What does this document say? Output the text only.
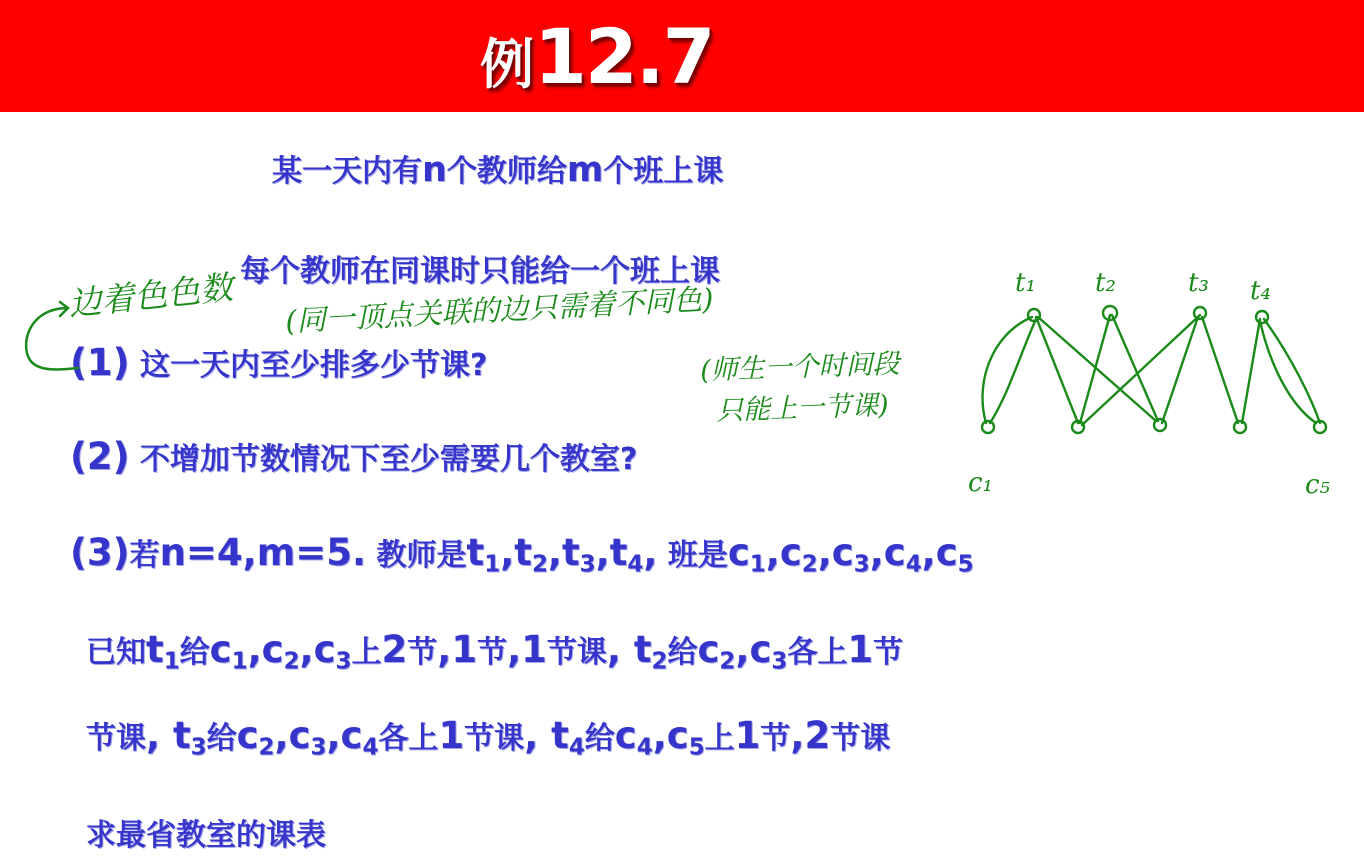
例12.7
某一天内有n个教师给m个班上课
每个教师在同课时只能给一个班上课
(1) 这一天内至少排多少节课?
(2) 不增加节数情况下至少需要几个教室?
(3)若n=4,m=5. 教师是$t_1,t_2,t_3,t_4$, 班是$c_1,c_2,c_3,c_4,c_5$
已知$t_1$给$c_1,c_2,c_3$上2节,1节,1节课, $t_2$给$c_2,c_3$各上1节
节课, $t_3$给$c_2,c_3,c_4$各上1节课, $t_4$给$c_4,c_5$上1节,2节课
求最省教室的课表
边着色色数 (同一顶点关联的边只需着不同色)
(师生一个时间段
只能上一节课)
t₁ t₂	t₃ t₄
c₁	c₅
